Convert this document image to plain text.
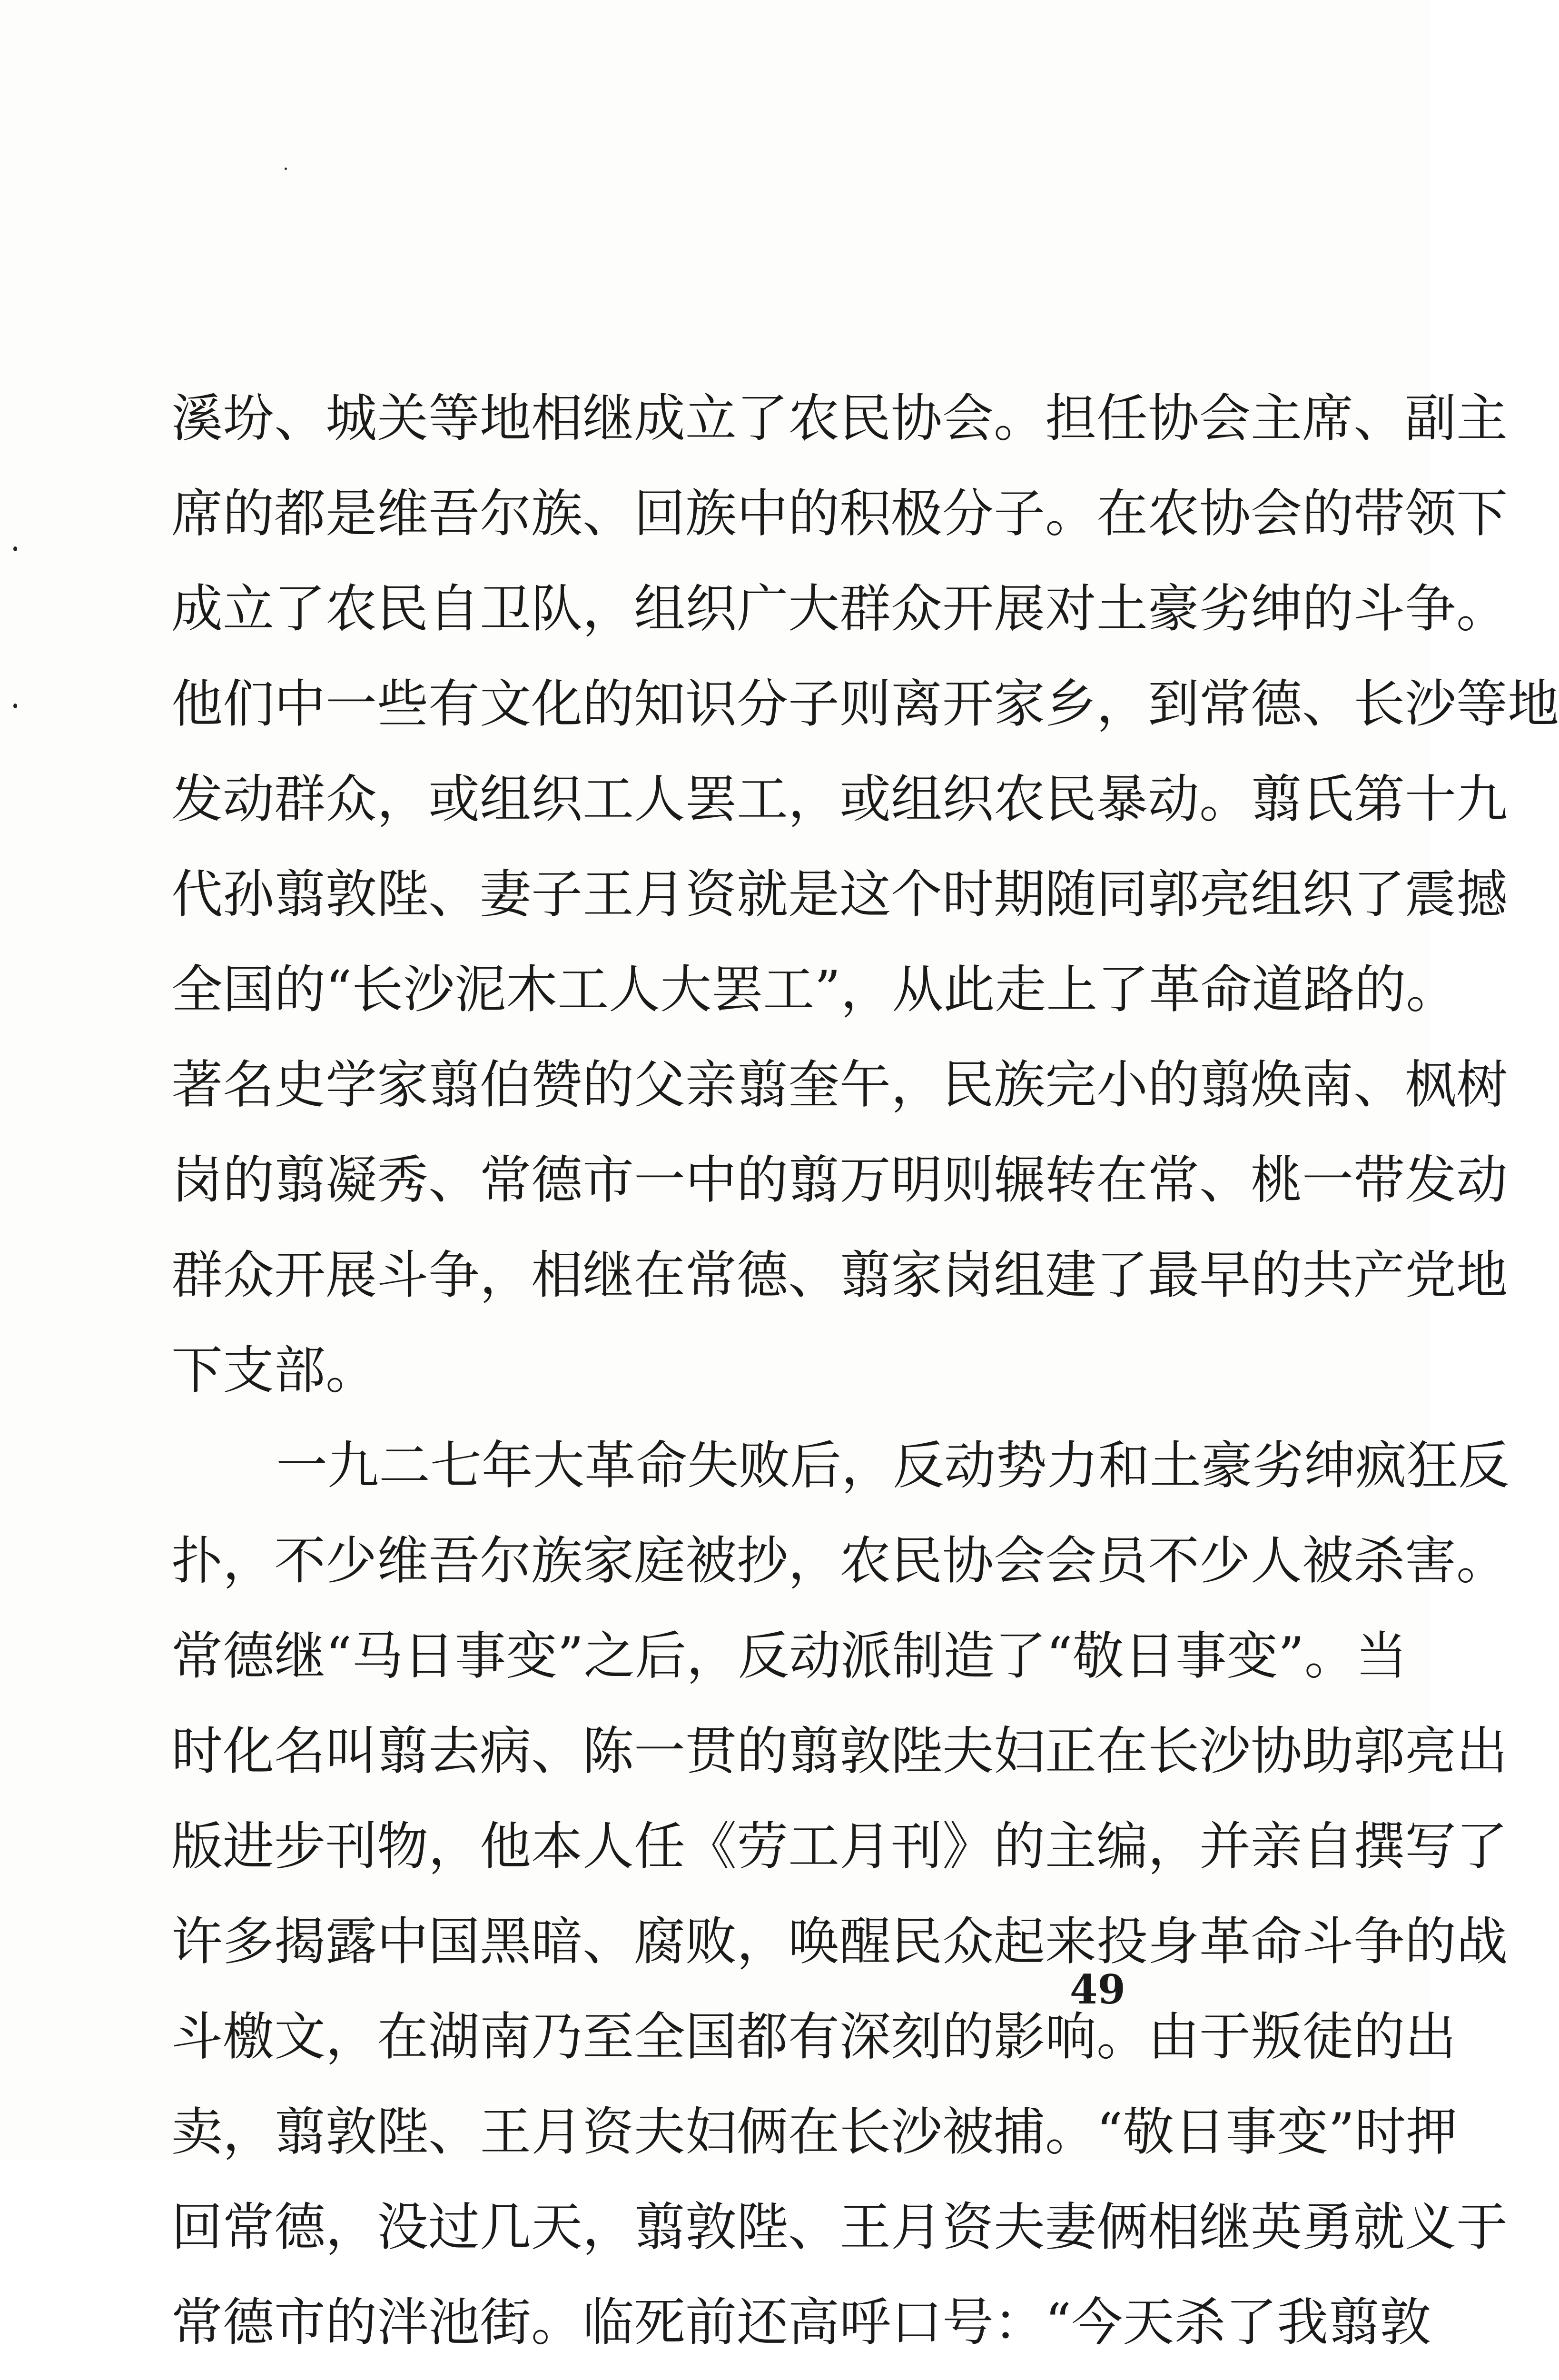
溪坋、城关等地相继成立了农民协会。担任协会主席、副主
席的都是维吾尔族、回族中的积极分子。在农协会的带领下
成立了农民自卫队，组织广大群众开展对土豪劣绅的斗争。
他们中一些有文化的知识分子则离开家乡，到常德、长沙等地
发动群众，或组织工人罢工，或组织农民暴动。翦氏第十九
代孙翦敦陛、妻子王月资就是这个时期随同郭亮组织了震撼
全国的“长沙泥木工人大罢工”，从此走上了革命道路的。
著名史学家翦伯赞的父亲翦奎午，民族完小的翦焕南、枫树
岗的翦凝秀、常德市一中的翦万明则辗转在常、桃一带发动
群众开展斗争，相继在常德、翦家岗组建了最早的共产党地
下支部。
一九二七年大革命失败后，反动势力和土豪劣绅疯狂反
扑，不少维吾尔族家庭被抄，农民协会会员不少人被杀害。
常德继“马日事变”之后，反动派制造了“敬日事变”。当
时化名叫翦去病、陈一贯的翦敦陛夫妇正在长沙协助郭亮出
版进步刊物，他本人任《劳工月刊》的主编，并亲自撰写了
许多揭露中国黑暗、腐败，唤醒民众起来投身革命斗争的战
斗檄文，在湖南乃至全国都有深刻的影响。由于叛徒的出
卖，翦敦陛、王月资夫妇俩在长沙被捕。“敬日事变”时押
回常德，没过几天，翦敦陛、王月资夫妻俩相继英勇就义于
常德市的泮池街。临死前还高呼口号：“今天杀了我翦敦
49
